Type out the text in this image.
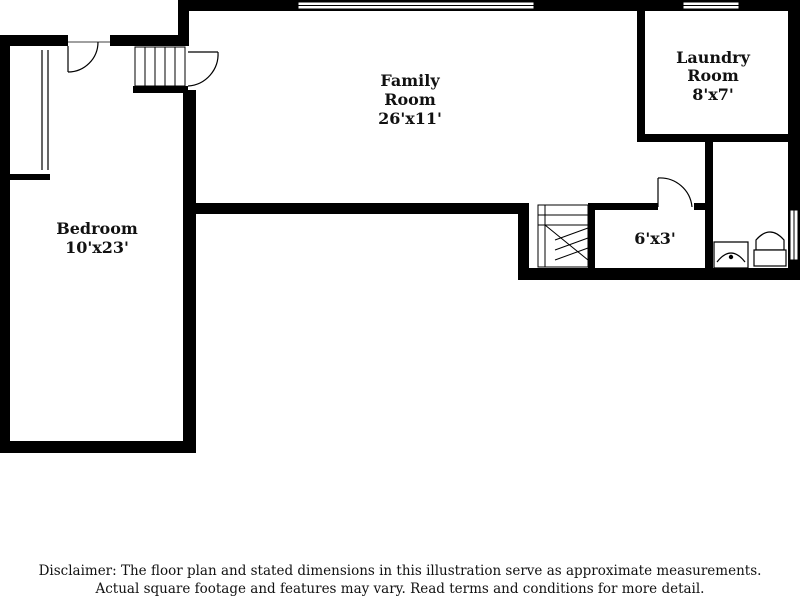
Family
Room
26'x11'
Laundry
Room
8'x7'
Bedroom
10'x23'	6'x3'
Disclaimer: The floor plan and stated dimensions in this illustration serve as approximate measurements.
Actual square footage and features may vary. Read terms and conditions for more detail.
